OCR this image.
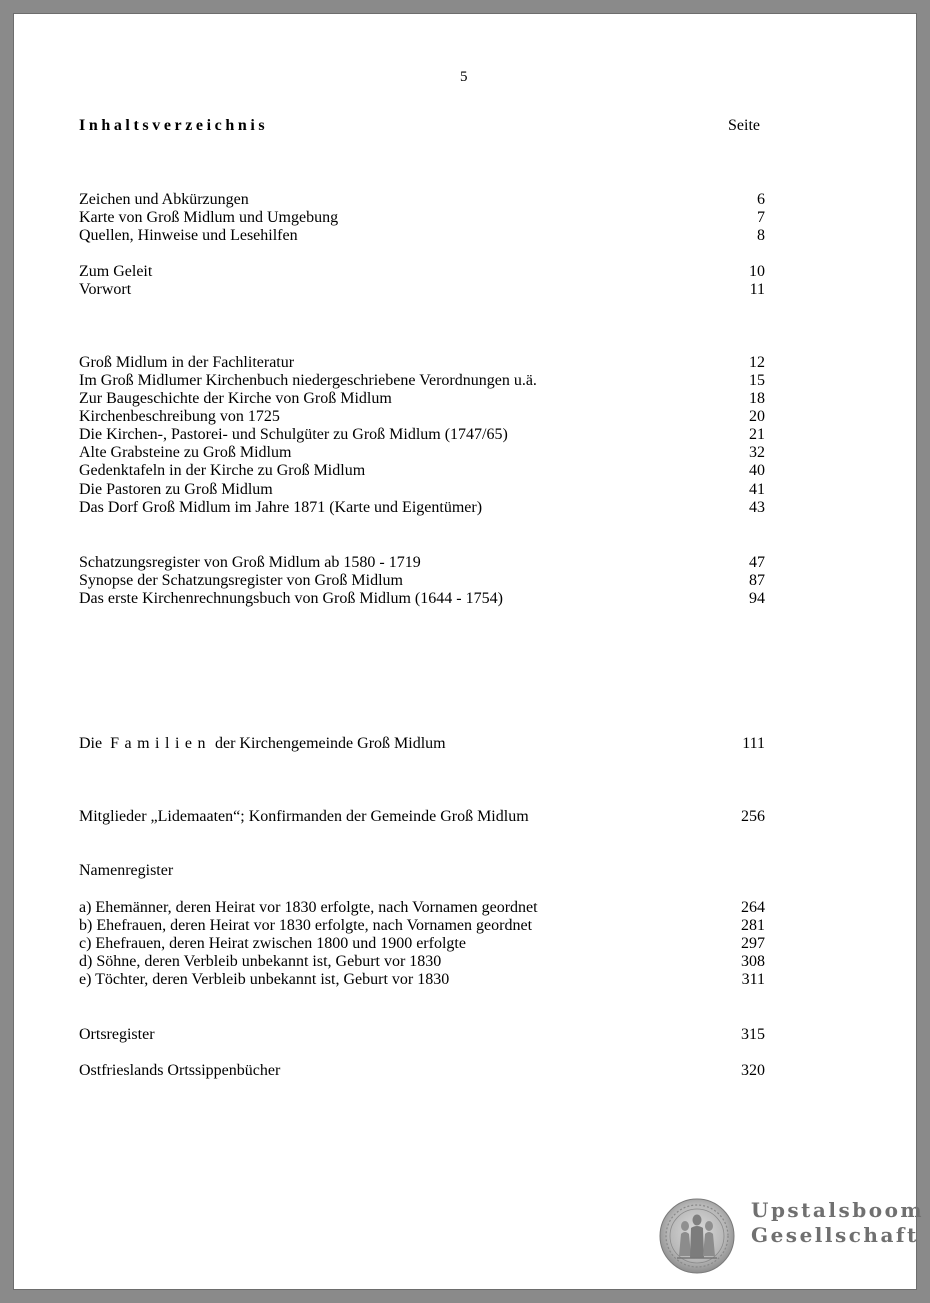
5
Inhaltsverzeichnis	Seite
Zeichen und Abkürzungen	6
Karte von Groß Midlum und Umgebung	7
Quellen, Hinweise und Lesehilfen	8
Zum Geleit	10
Vorwort	11
Groß Midlum in der Fachliteratur	12
Im Groß Midlumer Kirchenbuch niedergeschriebene Verordnungen u.ä.	15
Zur Baugeschichte der Kirche von Groß Midlum	18
Kirchenbeschreibung von 1725	20
Die Kirchen-, Pastorei- und Schulgüter zu Groß Midlum (1747/65)	21
Alte Grabsteine zu Groß Midlum	32
Gedenktafeln in der Kirche zu Groß Midlum	40
Die Pastoren zu Groß Midlum	41
Das Dorf Groß Midlum im Jahre 1871 (Karte und Eigentümer)	43
Schatzungsregister von Groß Midlum ab 1580 - 1719	47
Synopse der Schatzungsregister von Groß Midlum	87
Das erste Kirchenrechnungsbuch von Groß Midlum (1644 - 1754)	94
Die Familien der Kirchengemeinde Groß Midlum	111
Mitglieder „Lidemaaten“; Konfirmanden der Gemeinde Groß Midlum	256
Namenregister
a) Ehemänner, deren Heirat vor 1830 erfolgte, nach Vornamen geordnet	264
b) Ehefrauen, deren Heirat vor 1830 erfolgte, nach Vornamen geordnet	281
c) Ehefrauen, deren Heirat zwischen 1800 und 1900 erfolgte	297
d) Söhne, deren Verbleib unbekannt ist, Geburt vor 1830	308
e) Töchter, deren Verbleib unbekannt ist, Geburt vor 1830	311
Ortsregister	315
Ostfrieslands Ortssippenbücher	320
Upstalsboom
Gesellschaft
